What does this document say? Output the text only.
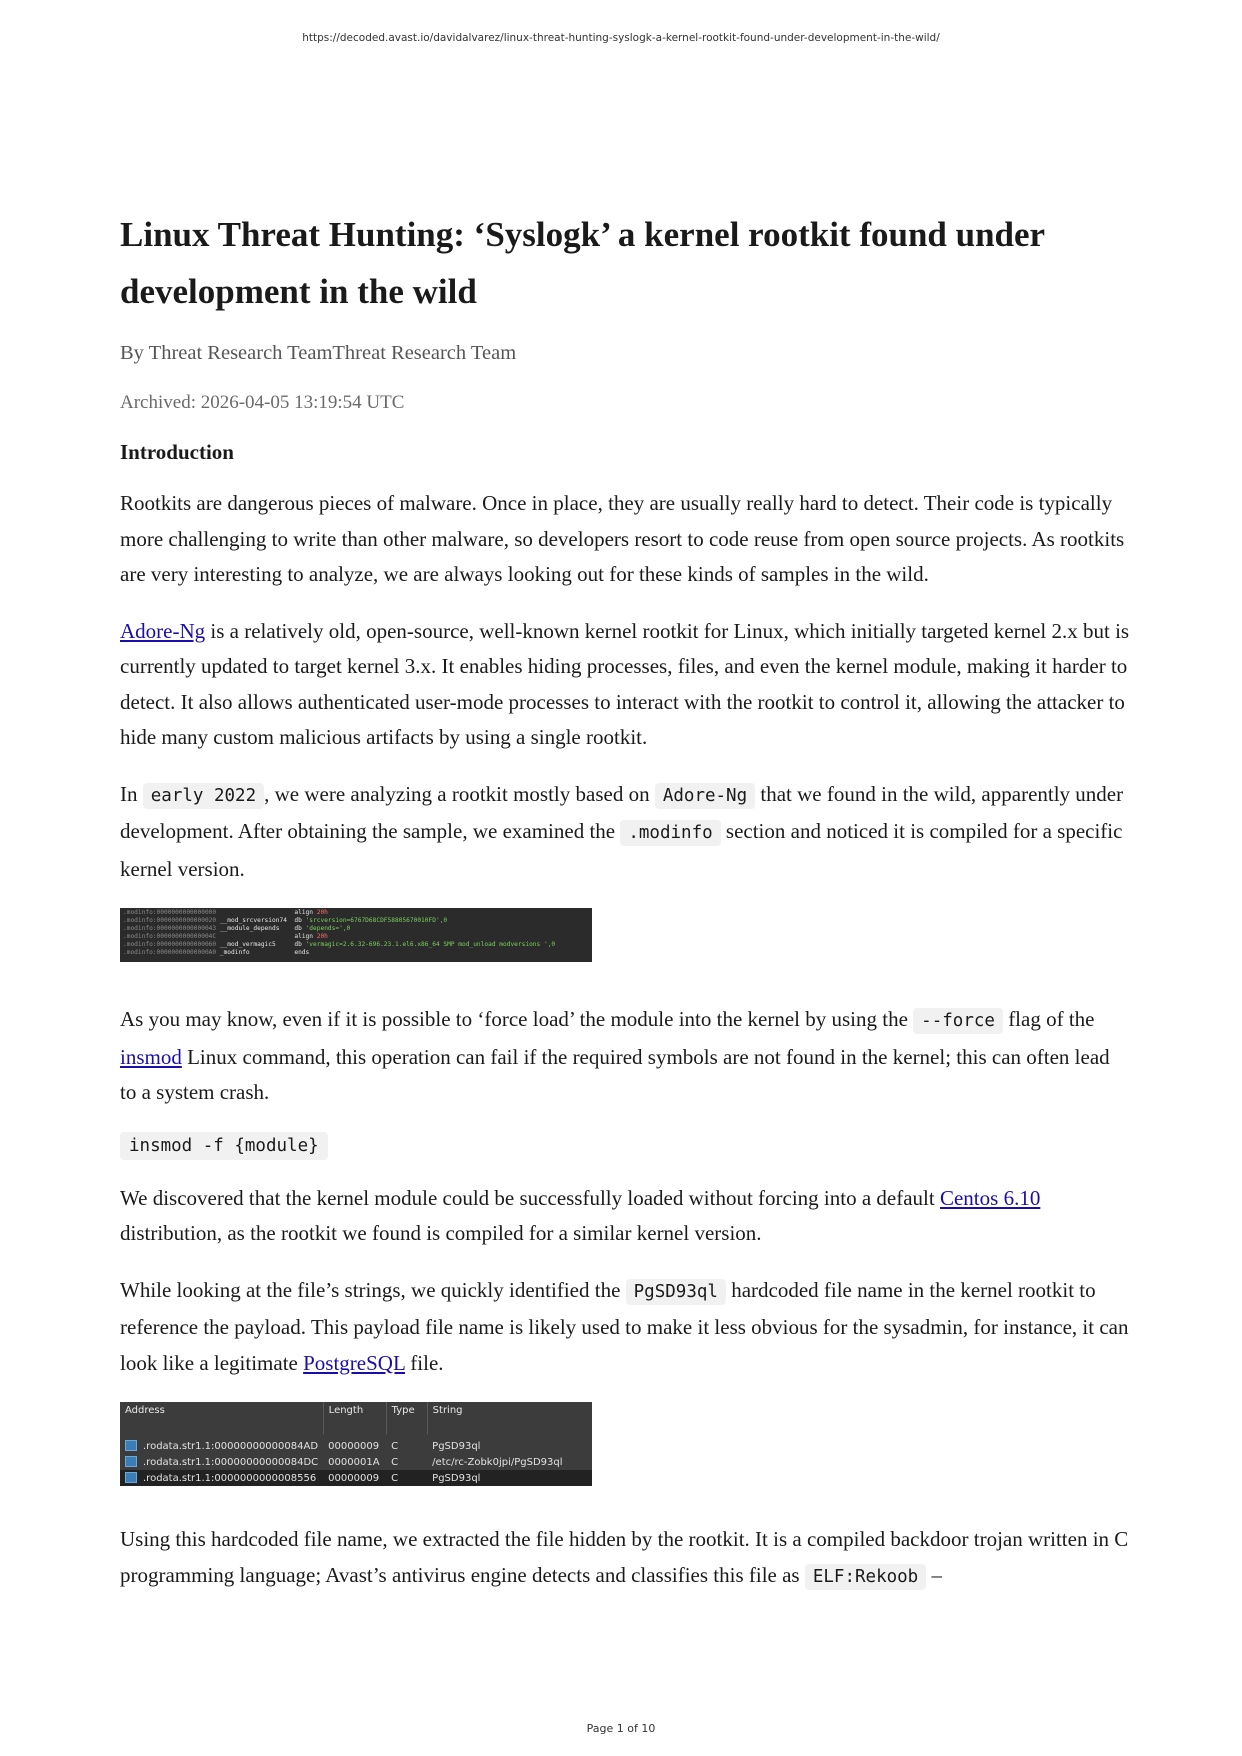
https://decoded.avast.io/davidalvarez/linux-threat-hunting-syslogk-a-kernel-rootkit-found-under-development-in-the-wild/
Linux Threat Hunting: ‘Syslogk’ a kernel rootkit found under development in the wild
By Threat Research TeamThreat Research Team
Archived: 2026-04-05 13:19:54 UTC
Introduction

Rootkits are dangerous pieces of malware. Once in place, they are usually really hard to detect. Their code is typically more challenging to write than other malware, so developers resort to code reuse from open source projects. As rootkits are very interesting to analyze, we are always looking out for these kinds of samples in the wild.

Adore-Ng is a relatively old, open-source, well-known kernel rootkit for Linux, which initially targeted kernel 2.x but is currently updated to target kernel 3.x. It enables hiding processes, files, and even the kernel module, making it harder to detect. It also allows authenticated user-mode processes to interact with the rootkit to control it, allowing the attacker to hide many custom malicious artifacts by using a single rootkit.

In early 2022 , we were analyzing a rootkit mostly based on Adore-Ng that we found in the wild, apparently under development. After obtaining the sample, we examined the .modinfo section and noticed it is compiled for a specific kernel version.

.modinfo:0000000000000000	align 20h
.modinfo:0000000000000020 __mod_srcversion74  db 'srcversion=6767D68CDF58805670010FD',0
.modinfo:0000000000000043 __module_depends    db 'depends=',0
.modinfo:000000000000004C	align 20h
.modinfo:0000000000000060 __mod_vermagic5     db 'vermagic=2.6.32-696.23.1.el6.x86_64 SMP mod_unload modversions ',0
.modinfo:00000000000000A0 _modinfo            ends

As you may know, even if it is possible to ‘force load’ the module into the kernel by using the --force flag of the insmod Linux command, this operation can fail if the required symbols are not found in the kernel; this can often lead to a system crash.

insmod -f {module}

We discovered that the kernel module could be successfully loaded without forcing into a default Centos 6.10 distribution, as the rootkit we found is compiled for a similar kernel version.

While looking at the file’s strings, we quickly identified the PgSD93ql hardcoded file name in the kernel rootkit to reference the payload. This payload file name is likely used to make it less obvious for the sysadmin, for instance, it can look like a legitimate PostgreSQL file.

Address	Length	Type	String
.rodata.str1.1:00000000000084AD	00000009	C	PgSD93ql
.rodata.str1.1:00000000000084DC	0000001A	C	/etc/rc-Zobk0jpi/PgSD93ql
.rodata.str1.1:0000000000008556	00000009	C	PgSD93ql

Using this hardcoded file name, we extracted the file hidden by the rootkit. It is a compiled backdoor trojan written in C programming language; Avast’s antivirus engine detects and classifies this file as ELF:Rekoob –

Page 1 of 10
